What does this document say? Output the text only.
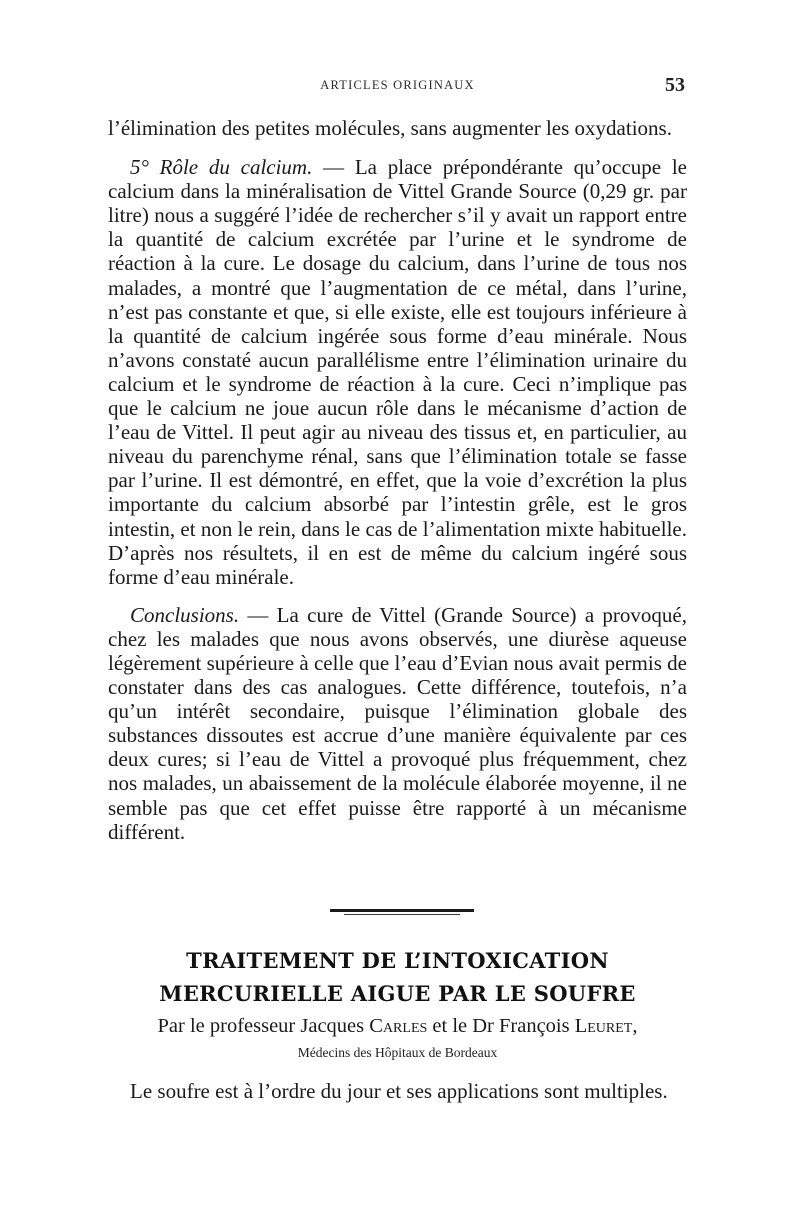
ARTICLES ORIGINAUX	53

l’élimination des petites molécules, sans augmenter les oxydations.

5° Rôle du calcium. — La place prépondérante qu’occupe le calcium dans la minéralisation de Vittel Grande Source (0,29 gr. par litre) nous a suggéré l’idée de rechercher s’il y avait un rapport entre la quantité de calcium excrétée par l’urine et le syndrome de réaction à la cure. Le dosage du calcium, dans l’urine de tous nos malades, a montré que l’augmentation de ce métal, dans l’urine, n’est pas constante et que, si elle existe, elle est toujours inférieure à la quantité de calcium ingérée sous forme d’eau minérale. Nous n’avons constaté aucun parallélisme entre l’élimination urinaire du calcium et le syndrome de réaction à la cure. Ceci n’implique pas que le calcium ne joue aucun rôle dans le mécanisme d’action de l’eau de Vittel. Il peut agir au niveau des tissus et, en particulier, au niveau du parenchyme rénal, sans que l’élimination totale se fasse par l’urine. Il est démontré, en effet, que la voie d’excrétion la plus importante du calcium absorbé par l’intestin grêle, est le gros intestin, et non le rein, dans le cas de l’alimentation mixte habituelle. D’après nos résultets, il en est de même du calcium ingéré sous forme d’eau minérale.

Conclusions. — La cure de Vittel (Grande Source) a provoqué, chez les malades que nous avons observés, une diurèse aqueuse légèrement supérieure à celle que l’eau d’Evian nous avait permis de constater dans des cas analogues. Cette différence, toutefois, n’a qu’un intérêt secondaire, puisque l’élimination globale des substances dissoutes est accrue d’une manière équivalente par ces deux cures; si l’eau de Vittel a provoqué plus fréquemment, chez nos malades, un abaissement de la molécule élaborée moyenne, il ne semble pas que cet effet puisse être rapporté à un mécanisme différent.

TRAITEMENT DE L’INTOXICATION
MERCURIELLE AIGUE PAR LE SOUFRE
Par le professeur Jacques Carles et le Dr François Leuret,
Médecins des Hôpitaux de Bordeaux

Le soufre est à l’ordre du jour et ses applications sont multiples.
